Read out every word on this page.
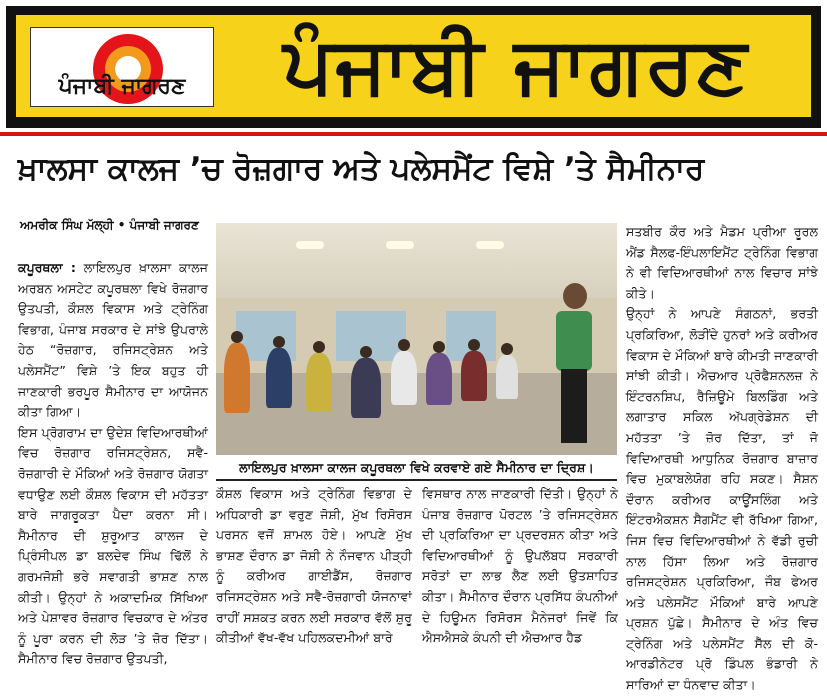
ਪੰਜਾਬੀ ਜਾਗਰਣ	ਪੰਜਾਬੀ ਜਾਗਰਣ
ਖ਼ਾਲਸਾ ਕਾਲਜ ’ਚ ਰੋਜ਼ਗਾਰ ਅਤੇ ਪਲੇਸਮੈਂਟ ਵਿਸ਼ੇ ’ਤੇ ਸੈਮੀਨਾਰ
ਅਮਰੀਕ ਸਿੰਘ ਮੱਲ੍ਹੀ • ਪੰਜਾਬੀ ਜਾਗਰਣ

ਕਪੂਰਥਲਾ : ਲਾਇਲਪੁਰ ਖ਼ਾਲਸਾ ਕਾਲਜ ਅਰਬਨ ਅਸਟੇਟ ਕਪੂਰਥਲਾ ਵਿਖੇ ਰੋਜ਼ਗਾਰ ਉਤਪਤੀ, ਕੌਸ਼ਲ ਵਿਕਾਸ ਅਤੇ ਟ੍ਰੇਨਿੰਗ ਵਿਭਾਗ, ਪੰਜਾਬ ਸਰਕਾਰ ਦੇ ਸਾਂਝੇ ਉਪਰਾਲੇ ਹੇਠ “ਰੋਜ਼ਗਾਰ, ਰਜਿਸਟ੍ਰੇਸ਼ਨ ਅਤੇ ਪਲੇਸਮੈਂਟ” ਵਿਸ਼ੇ ’ਤੇ ਇਕ ਬਹੁਤ ਹੀ ਜਾਣਕਾਰੀ ਭਰਪੂਰ ਸੈਮੀਨਾਰ ਦਾ ਆਯੋਜਨ ਕੀਤਾ ਗਿਆ।

ਇਸ ਪ੍ਰੋਗਰਾਮ ਦਾ ਉਦੇਸ਼ ਵਿਦਿਆਰਥੀਆਂ ਵਿਚ ਰੋਜ਼ਗਾਰ ਰਜਿਸਟ੍ਰੇਸ਼ਨ, ਸਵੈ-ਰੋਜ਼ਗਾਰੀ ਦੇ ਮੌਕਿਆਂ ਅਤੇ ਰੋਜ਼ਗਾਰ ਯੋਗਤਾ ਵਧਾਉਣ ਲਈ ਕੌਸ਼ਲ ਵਿਕਾਸ ਦੀ ਮਹੱਤਤਾ ਬਾਰੇ ਜਾਗਰੂਕਤਾ ਪੈਦਾ ਕਰਨਾ ਸੀ। ਸੈਮੀਨਾਰ ਦੀ ਸ਼ੁਰੂਆਤ ਕਾਲਜ ਦੇ ਪ੍ਰਿੰਸੀਪਲ ਡਾ ਬਲਦੇਵ ਸਿੰਘ ਢਿੱਲੋਂ ਨੇ ਗਰਮਜੋਸ਼ੀ ਭਰੇ ਸਵਾਗਤੀ ਭਾਸ਼ਣ ਨਾਲ ਕੀਤੀ। ਉਨ੍ਹਾਂ ਨੇ ਅਕਾਦਮਿਕ ਸਿੱਖਿਆ ਅਤੇ ਪੇਸ਼ਾਵਰ ਰੋਜ਼ਗਾਰ ਵਿਚਕਾਰ ਦੇ ਅੰਤਰ ਨੂੰ ਪੂਰਾ ਕਰਨ ਦੀ ਲੋੜ ’ਤੇ ਜ਼ੋਰ ਦਿੱਤਾ। ਸੈਮੀਨਾਰ ਵਿਚ ਰੋਜ਼ਗਾਰ ਉਤਪਤੀ,

ਲਾਇਲਪੁਰ ਖ਼ਾਲਸਾ ਕਾਲਜ ਕਪੂਰਥਲਾ ਵਿਖੇ ਕਰਵਾਏ ਗਏ ਸੈਮੀਨਾਰ ਦਾ ਦ੍ਰਿਸ਼।

ਕੌਸ਼ਲ ਵਿਕਾਸ ਅਤੇ ਟ੍ਰੇਨਿੰਗ ਵਿਭਾਗ ਦੇ ਅਧਿਕਾਰੀ ਡਾ ਵਰੁਣ ਜੋਸ਼ੀ, ਮੁੱਖ ਰਿਸੋਰਸ ਪਰਸਨ ਵਜੋਂ ਸ਼ਾਮਲ ਹੋਏ। ਆਪਣੇ ਮੁੱਖ ਭਾਸ਼ਣ ਦੌਰਾਨ ਡਾ ਜੋਸ਼ੀ ਨੇ ਨੌਜਵਾਨ ਪੀੜ੍ਹੀ ਨੂੰ ਕਰੀਅਰ ਗਾਈਡੈਂਸ, ਰੋਜ਼ਗਾਰ ਰਜਿਸਟ੍ਰੇਸ਼ਨ ਅਤੇ ਸਵੈ-ਰੋਜ਼ਗਾਰੀ ਯੋਜਨਾਵਾਂ ਰਾਹੀਂ ਸਸ਼ਕਤ ਕਰਨ ਲਈ ਸਰਕਾਰ ਵੱਲੋਂ ਸ਼ੁਰੂ ਕੀਤੀਆਂ ਵੱਖ-ਵੱਖ ਪਹਿਲਕਦਮੀਆਂ ਬਾਰੇ

ਵਿਸਥਾਰ ਨਾਲ ਜਾਣਕਾਰੀ ਦਿੱਤੀ। ਉਨ੍ਹਾਂ ਨੇ ਪੰਜਾਬ ਰੋਜ਼ਗਾਰ ਪੋਰਟਲ ’ਤੇ ਰਜਿਸਟ੍ਰੇਸ਼ਨ ਦੀ ਪ੍ਰਕਿਰਿਆ ਦਾ ਪ੍ਰਦਰਸ਼ਨ ਕੀਤਾ ਅਤੇ ਵਿਦਿਆਰਥੀਆਂ ਨੂੰ ਉਪਲੱਬਧ ਸਰਕਾਰੀ ਸਰੋਤਾਂ ਦਾ ਲਾਭ ਲੈਣ ਲਈ ਉਤਸ਼ਾਹਿਤ ਕੀਤਾ। ਸੈਮੀਨਾਰ ਦੌਰਾਨ ਪ੍ਰਸਿੱਧ ਕੰਪਨੀਆਂ ਦੇ ਹਿਊਮਨ ਰਿਸੋਰਸ ਮੈਨੇਜਰਾਂ ਜਿਵੇਂ ਕਿ ਐਸਐਸਕੇ ਕੰਪਨੀ ਦੀ ਐਚਆਰ ਹੈਡ

ਸਤਬੀਰ ਕੌਰ ਅਤੇ ਮੈਡਮ ਪ੍ਰੀਆ ਰੂਰਲ ਐਂਡ ਸੈਲਫ-ਇੰਪਲਾਇਮੈਂਟ ਟ੍ਰੇਨਿੰਗ ਵਿਭਾਗ ਨੇ ਵੀ ਵਿਦਿਆਰਥੀਆਂ ਨਾਲ ਵਿਚਾਰ ਸਾਂਝੇ ਕੀਤੇ।

ਉਨ੍ਹਾਂ ਨੇ ਆਪਣੇ ਸੰਗਠਨਾਂ, ਭਰਤੀ ਪ੍ਰਕਿਰਿਆ, ਲੋੜੀਂਦੇ ਹੁਨਰਾਂ ਅਤੇ ਕਰੀਅਰ ਵਿਕਾਸ ਦੇ ਮੌਕਿਆਂ ਬਾਰੇ ਕੀਮਤੀ ਜਾਣਕਾਰੀ ਸਾਂਝੀ ਕੀਤੀ। ਐਚਆਰ ਪ੍ਰੋਫੈਸ਼ਨਲਜ਼ ਨੇ ਇੰਟਰਨਸ਼ਿਪ, ਰੈਜ਼ਿਊਮੇ ਬਿਲਡਿੰਗ ਅਤੇ ਲਗਾਤਾਰ ਸਕਿਲ ਅੱਪਗ੍ਰੇਡੇਸ਼ਨ ਦੀ ਮਹੱਤਤਾ ’ਤੇ ਜ਼ੋਰ ਦਿੱਤਾ, ਤਾਂ ਜੋ ਵਿਦਿਆਰਥੀ ਆਧੁਨਿਕ ਰੋਜ਼ਗਾਰ ਬਾਜ਼ਾਰ ਵਿਚ ਮੁਕਾਬਲੇਯੋਗ ਰਹਿ ਸਕਣ। ਸੈਸ਼ਨ ਦੌਰਾਨ ਕਰੀਅਰ ਕਾਊਂਸਲਿੰਗ ਅਤੇ ਇੰਟਰਐਕਸ਼ਨ ਸੈਗਮੈਂਟ ਵੀ ਰੱਖਿਆ ਗਿਆ, ਜਿਸ ਵਿਚ ਵਿਦਿਆਰਥੀਆਂ ਨੇ ਵੱਡੀ ਰੁਚੀ ਨਾਲ ਹਿੱਸਾ ਲਿਆ ਅਤੇ ਰੋਜ਼ਗਾਰ ਰਜਿਸਟ੍ਰੇਸ਼ਨ ਪ੍ਰਕਿਰਿਆ, ਜੌਬ ਫੇਅਰ ਅਤੇ ਪਲੇਸਮੈਂਟ ਮੌਕਿਆਂ ਬਾਰੇ ਆਪਣੇ ਪ੍ਰਸ਼ਨ ਪੁੱਛੇ। ਸੈਮੀਨਾਰ ਦੇ ਅੰਤ ਵਿਚ ਟ੍ਰੇਨਿੰਗ ਅਤੇ ਪਲੇਸਮੈਂਟ ਸੈੱਲ ਦੀ ਕੋ-ਆਰਡੀਨੇਟਰ ਪ੍ਰੋ ਡਿੰਪਲ ਭੰਡਾਰੀ ਨੇ ਸਾਰਿਆਂ ਦਾ ਧੰਨਵਾਦ ਕੀਤਾ।
